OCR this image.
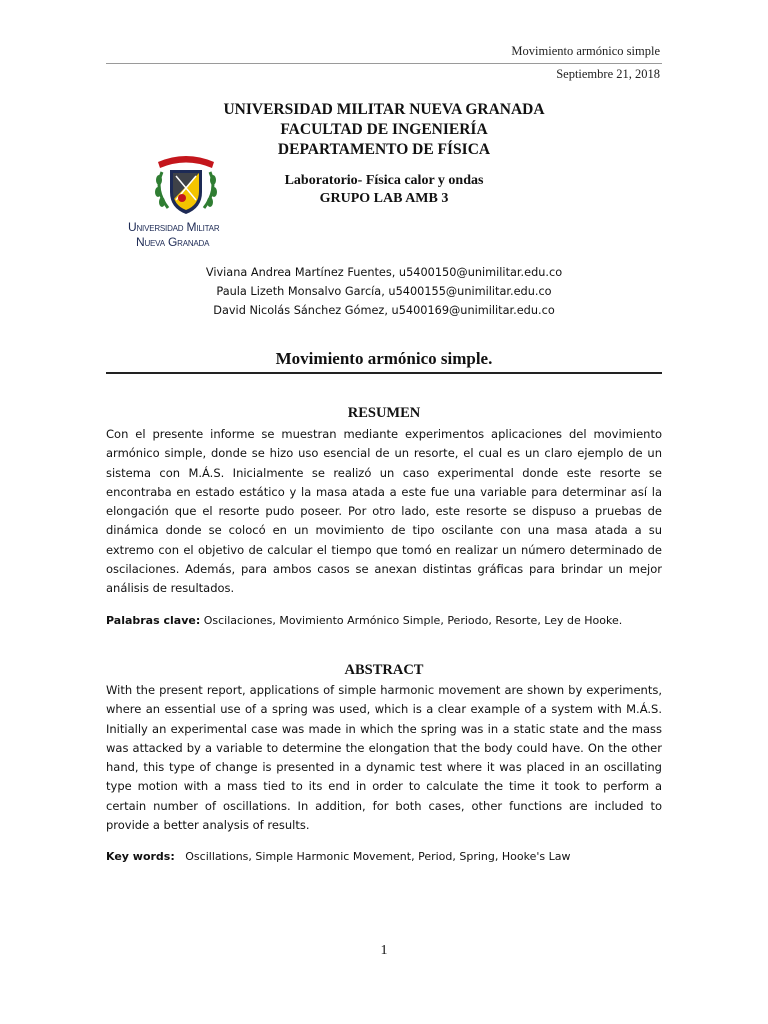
Movimiento armónico simple
Septiembre 21, 2018
UNIVERSIDAD MILITAR NUEVA GRANADA
FACULTAD DE INGENIERÍA
DEPARTAMENTO DE FÍSICA
Laboratorio- Física calor y ondas
GRUPO LAB AMB 3
Universidad Militar
Nueva Granada
Viviana Andrea Martínez Fuentes, u5400150@unimilitar.edu.co
Paula Lizeth Monsalvo García, u5400155@unimilitar.edu.co
David Nicolás Sánchez Gómez, u5400169@unimilitar.edu.co
Movimiento armónico simple.
RESUMEN
Con el presente informe se muestran mediante experimentos aplicaciones del movimiento armónico simple, donde se hizo uso esencial de un resorte, el cual es un claro ejemplo de un sistema con M.Á.S. Inicialmente se realizó un caso experimental donde este resorte se encontraba en estado estático y la masa atada a este fue una variable para determinar así la elongación que el resorte pudo poseer. Por otro lado, este resorte se dispuso a pruebas de dinámica donde se colocó en un movimiento de tipo oscilante con una masa atada a su extremo con el objetivo de calcular el tiempo que tomó en realizar un número determinado de oscilaciones. Además, para ambos casos se anexan distintas gráficas para brindar un mejor análisis de resultados.
Palabras clave: Oscilaciones, Movimiento Armónico Simple, Periodo, Resorte, Ley de Hooke.
ABSTRACT
With the present report, applications of simple harmonic movement are shown by experiments, where an essential use of a spring was used, which is a clear example of a system with M.Á.S. Initially an experimental case was made in which the spring was in a static state and the mass was attacked by a variable to determine the elongation that the body could have. On the other hand, this type of change is presented in a dynamic test where it was placed in an oscillating type motion with a mass tied to its end in order to calculate the time it took to perform a certain number of oscillations. In addition, for both cases, other functions are included to provide a better analysis of results.
Key words: Oscillations, Simple Harmonic Movement, Period, Spring, Hooke's Law
1
